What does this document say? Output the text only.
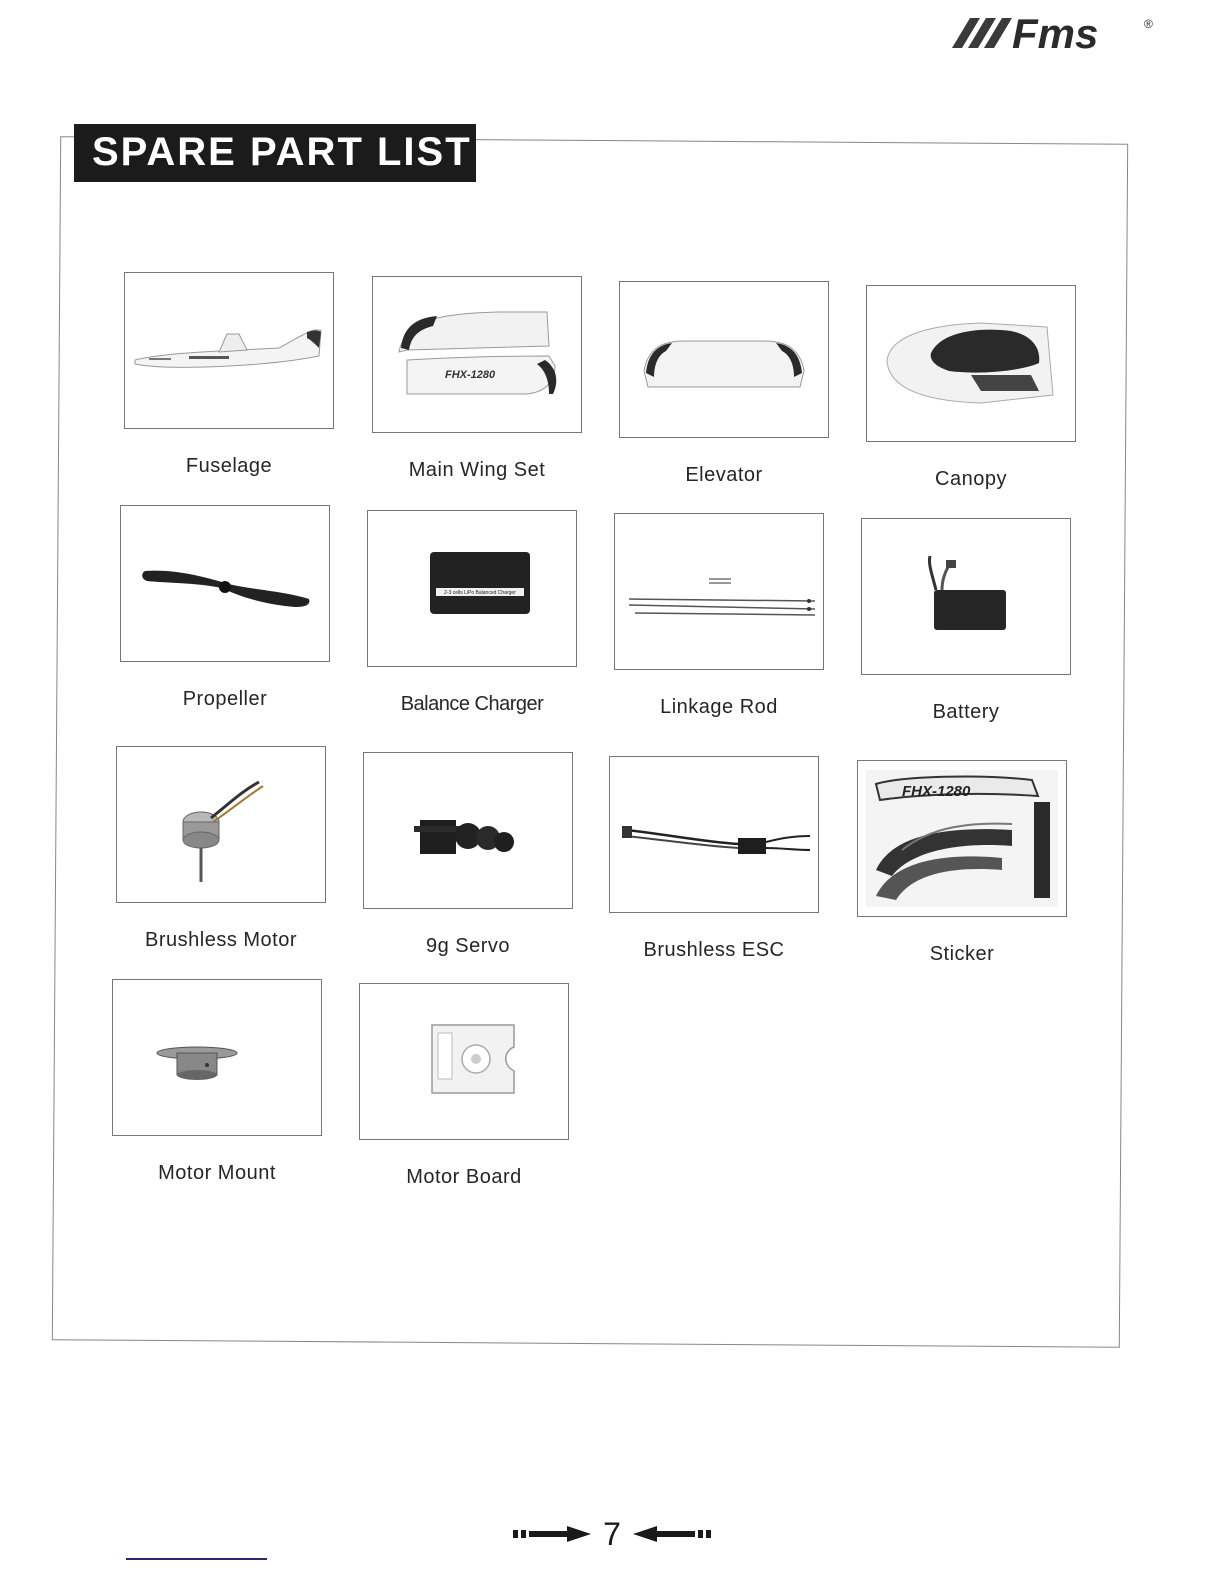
Fms	®
SPARE PART LIST
Fuselage
FHX-1280
Main Wing Set	Elevator	Canopy
Propeller
2-3 cells LiPo Balanced Charger
Balance Charger	Linkage Rod	Battery
Brushless Motor	9g Servo	Brushless ESC
FHX-1280
Sticker
Motor Mount	Motor Board
7
